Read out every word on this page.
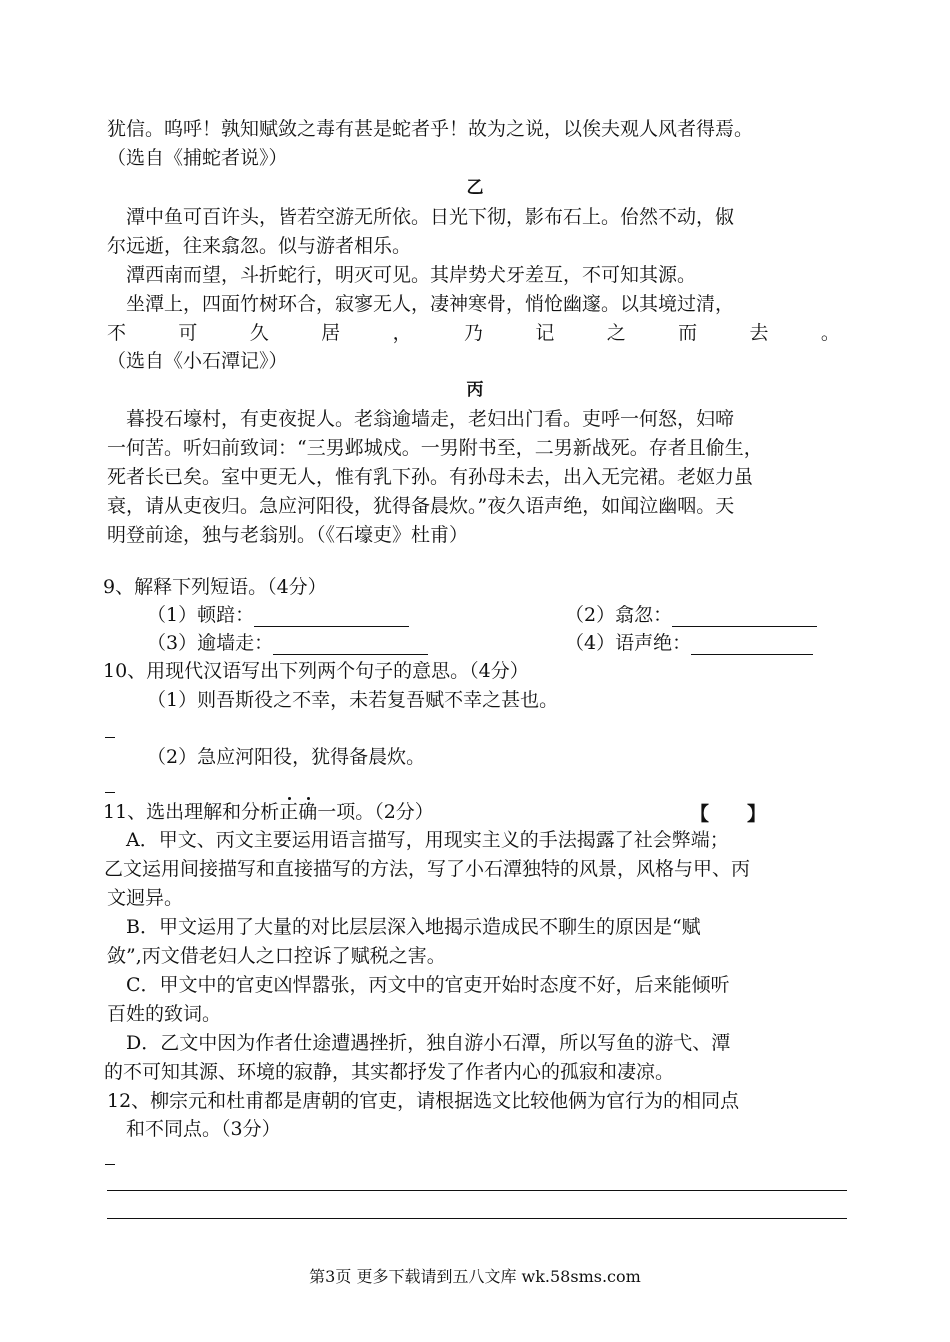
犹信。呜呼！孰知赋敛之毒有甚是蛇者乎！故为之说，以俟夫观人风者得焉。
（选自《捕蛇者说》）
乙
　潭中鱼可百许头，皆若空游无所依。日光下彻，影布石上。佁然不动，俶
尔远逝，往来翕忽。似与游者相乐。
　潭西南而望，斗折蛇行，明灭可见。其岸势犬牙差互，不可知其源。
　坐潭上，四面竹树环合，寂寥无人，凄神寒骨，悄怆幽邃。以其境过清，
不	可	久	居	，	乃	记	之	而	去	。
（选自《小石潭记》）
丙
　暮投石壕村，有吏夜捉人。老翁逾墙走，老妇出门看。吏呼一何怒，妇啼
一何苦。听妇前致词：“三男邺城戍。一男附书至，二男新战死。存者且偷生，
死者长已矣。室中更无人，惟有乳下孙。有孙母未去，出入无完裙。老妪力虽
衰，请从吏夜归。急应河阳役，犹得备晨炊。”夜久语声绝，如闻泣幽咽。天
明登前途，独与老翁别。（《石壕吏》杜甫）
9、解释下列短语。（4分）
（1）顿踣：	（2）翕忽：
（3）逾墙走：	（4）语声绝：
10、用现代汉语写出下列两个句子的意思。（4分）
（1）则吾斯役之不幸，未若复吾赋不幸之甚也。
（2）急应河阳役，犹得备晨炊。
11、选出理解和分析正确一项。（2分）	【　　】
　A．甲文、丙文主要运用语言描写，用现实主义的手法揭露了社会弊端；
乙文运用间接描写和直接描写的方法，写了小石潭独特的风景，风格与甲、丙
文迥异。
　B．甲文运用了大量的对比层层深入地揭示造成民不聊生的原因是“赋
敛”,丙文借老妇人之口控诉了赋税之害。
　C．甲文中的官吏凶悍嚣张，丙文中的官吏开始时态度不好，后来能倾听
百姓的致词。
　D．乙文中因为作者仕途遭遇挫折，独自游小石潭，所以写鱼的游弋、潭
的不可知其源、环境的寂静，其实都抒发了作者内心的孤寂和凄凉。
12、柳宗元和杜甫都是唐朝的官吏，请根据选文比较他俩为官行为的相同点
和不同点。（3分）
第3页 更多下载请到五八文库 wk.58sms.com
